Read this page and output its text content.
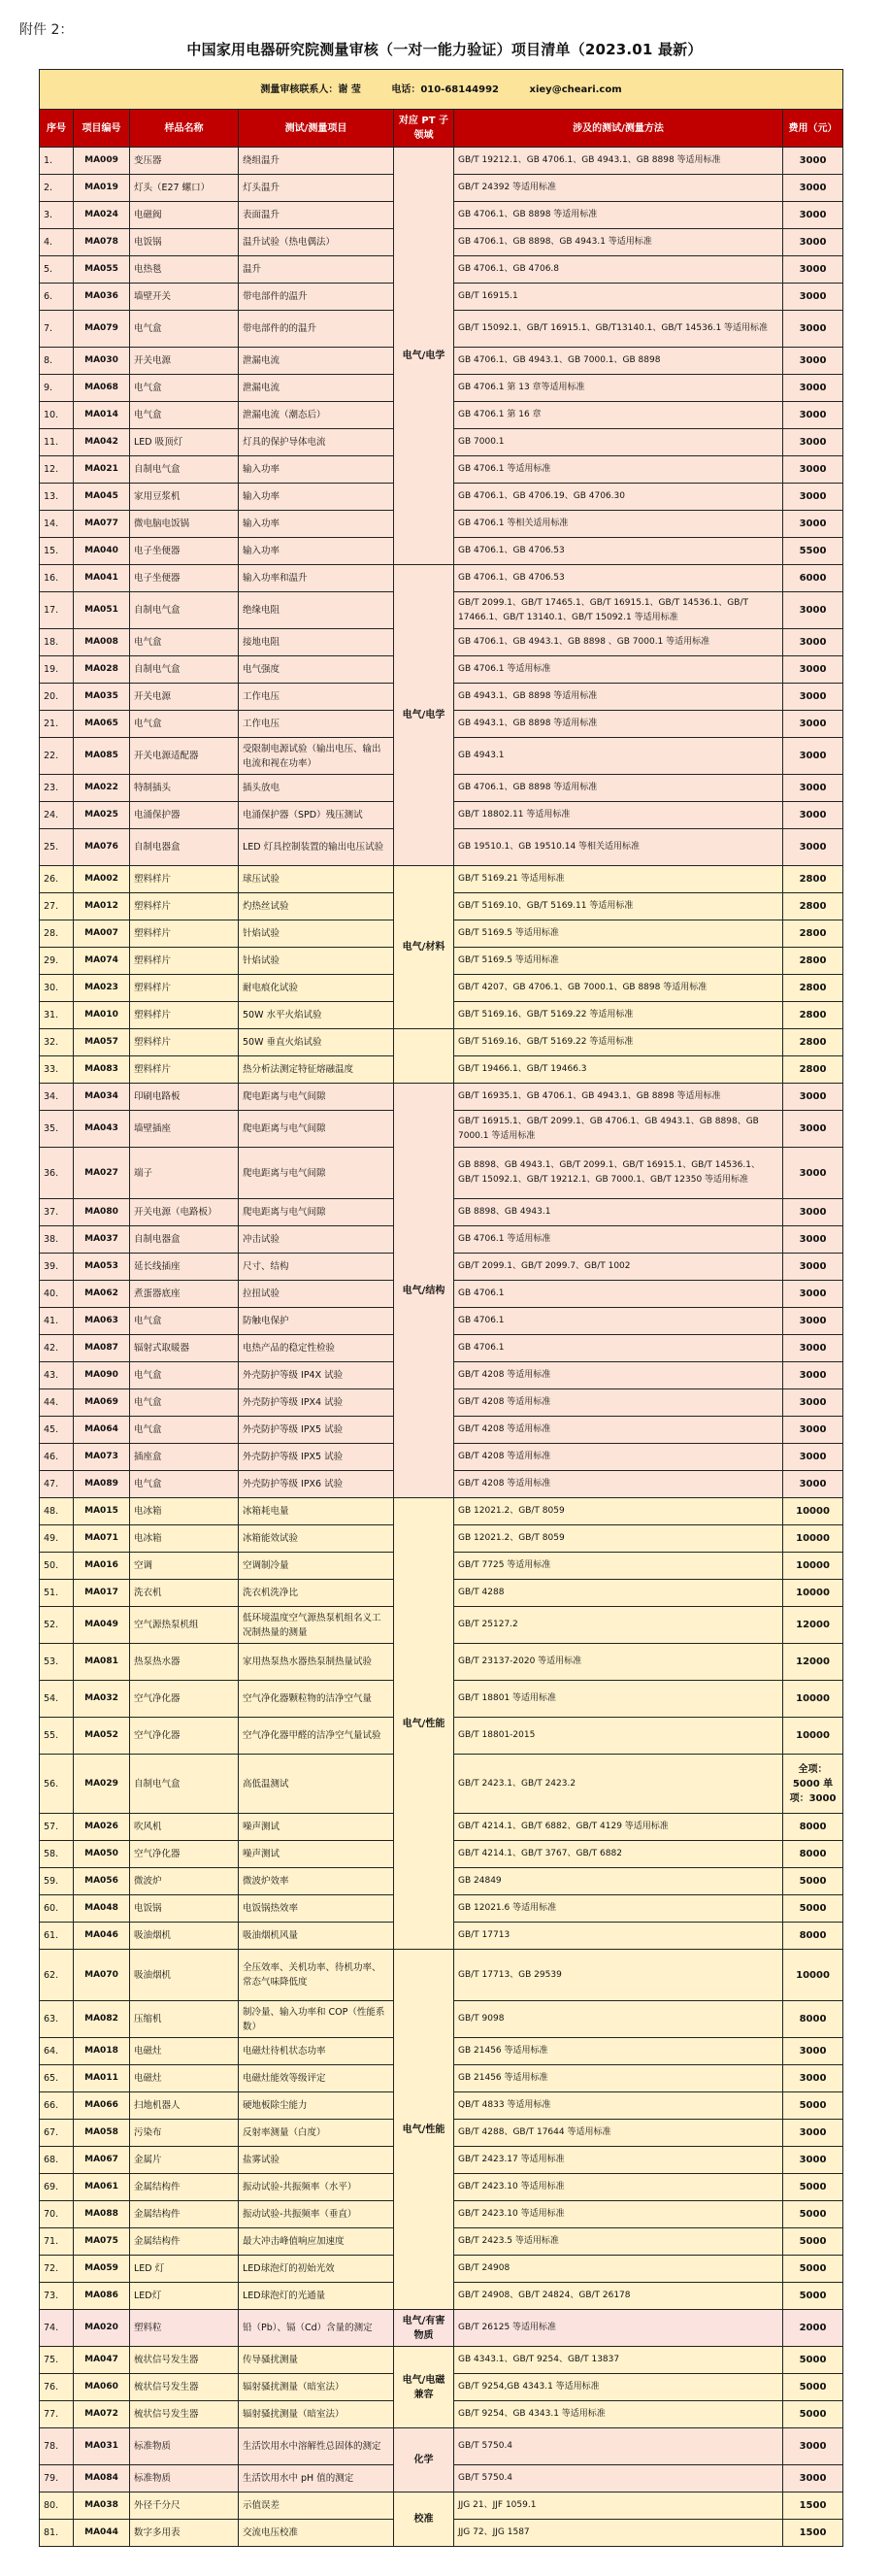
附件 2：
中国家用电器研究院测量审核（一对一能力验证）项目清单（2023.01 最新）
测量审核联系人：谢 莹 电话：010-68144992 xiey@cheari.com						
序号	项目编号	样品名称	测试/测量项目	对应 PT 子领域	涉及的测试/测量方法	费用（元）
1.	MA009	变压器	绕组温升	电气/电学	GB/T 19212.1、GB 4706.1、GB 4943.1、GB 8898 等适用标准	3000
2.	MA019	灯头（E27 螺口）	灯头温升		GB/T 24392 等适用标准	3000
3.	MA024	电磁阀	表面温升		GB 4706.1、GB 8898 等适用标准	3000
4.	MA078	电饭锅	温升试验（热电偶法）		GB 4706.1、GB 8898、GB 4943.1 等适用标准	3000
5.	MA055	电热毯	温升		GB 4706.1、GB 4706.8	3000
6.	MA036	墙壁开关	带电部件的温升		GB/T 16915.1	3000
7.	MA079	电气盒	带电部件的的温升		GB/T 15092.1、GB/T 16915.1、GB/T13140.1、GB/T 14536.1 等适用标准	3000
8.	MA030	开关电源	泄漏电流		GB 4706.1、GB 4943.1、GB 7000.1、GB 8898	3000
9.	MA068	电气盒	泄漏电流		GB 4706.1 第 13 章等适用标准	3000
10.	MA014	电气盒	泄漏电流（潮态后）		GB 4706.1 第 16 章	3000
11.	MA042	LED 吸顶灯	灯具的保护导体电流		GB 7000.1	3000
12.	MA021	自制电气盒	输入功率		GB 4706.1 等适用标准	3000
13.	MA045	家用豆浆机	输入功率		GB 4706.1、GB 4706.19、GB 4706.30	3000
14.	MA077	微电脑电饭锅	输入功率		GB 4706.1 等相关适用标准	3000
15.	MA040	电子坐便器	输入功率		GB 4706.1、GB 4706.53	5500
16.	MA041	电子坐便器	输入功率和温升	电气/电学	GB 4706.1、GB 4706.53	6000
17.	MA051	自制电气盒	绝缘电阻		GB/T 2099.1、GB/T 17465.1、GB/T 16915.1、GB/T 14536.1、GB/T 17466.1、GB/T 13140.1、GB/T 15092.1 等适用标准	3000
18.	MA008	电气盒	接地电阻		GB 4706.1、GB 4943.1、GB 8898 、GB 7000.1 等适用标准	3000
19.	MA028	自制电气盒	电气强度		GB 4706.1 等适用标准	3000
20.	MA035	开关电源	工作电压		GB 4943.1、GB 8898 等适用标准	3000
21.	MA065	电气盒	工作电压		GB 4943.1、GB 8898 等适用标准	3000
22.	MA085	开关电源适配器	受限制电源试验（输出电压、输出电流和视在功率）		GB 4943.1	3000
23.	MA022	特制插头	插头放电		GB 4706.1、GB 8898 等适用标准	3000
24.	MA025	电涌保护器	电涌保护器（SPD）残压测试		GB/T 18802.11 等适用标准	3000
25.	MA076	自制电器盒	LED 灯具控制装置的输出电压试验		GB 19510.1、GB 19510.14 等相关适用标准	3000
26.	MA002	塑料样片	球压试验	电气/材料	GB/T 5169.21 等适用标准	2800
27.	MA012	塑料样片	灼热丝试验		GB/T 5169.10、GB/T 5169.11 等适用标准	2800
28.	MA007	塑料样片	针焰试验		GB/T 5169.5 等适用标准	2800
29.	MA074	塑料样片	针焰试验		GB/T 5169.5 等适用标准	2800
30.	MA023	塑料样片	耐电痕化试验		GB/T 4207、GB 4706.1、GB 7000.1、GB 8898 等适用标准	2800
31.	MA010	塑料样片	50W 水平火焰试验		GB/T 5169.16、GB/T 5169.22 等适用标准	2800
32.	MA057	塑料样片	50W 垂直火焰试验		GB/T 5169.16、GB/T 5169.22 等适用标准	2800
33.	MA083	塑料样片	热分析法测定特征熔融温度		GB/T 19466.1、GB/T 19466.3	2800
34.	MA034	印刷电路板	爬电距离与电气间隙	电气/结构	GB/T 16935.1、GB 4706.1、GB 4943.1、GB 8898 等适用标准	3000
35.	MA043	墙壁插座	爬电距离与电气间隙		GB/T 16915.1、GB/T 2099.1、GB 4706.1、GB 4943.1、GB 8898、GB 7000.1 等适用标准	3000
36.	MA027	端子	爬电距离与电气间隙		GB 8898、GB 4943.1、GB/T 2099.1、GB/T 16915.1、GB/T 14536.1、GB/T 15092.1、GB/T 19212.1、GB 7000.1、GB/T 12350 等适用标准	3000
37.	MA080	开关电源（电路板）	爬电距离与电气间隙		GB 8898、GB 4943.1	3000
38.	MA037	自制电器盒	冲击试验		GB 4706.1 等适用标准	3000
39.	MA053	延长线插座	尺寸、结构		GB/T 2099.1、GB/T 2099.7、GB/T 1002	3000
40.	MA062	煮蛋器底座	拉扭试验		GB 4706.1	3000
41.	MA063	电气盒	防触电保护		GB 4706.1	3000
42.	MA087	辐射式取暖器	电热产品的稳定性检验		GB 4706.1	3000
43.	MA090	电气盒	外壳防护等级 IP4X 试验		GB/T 4208 等适用标准	3000
44.	MA069	电气盒	外壳防护等级 IPX4 试验		GB/T 4208 等适用标准	3000
45.	MA064	电气盒	外壳防护等级 IPX5 试验		GB/T 4208 等适用标准	3000
46.	MA073	插座盒	外壳防护等级 IPX5 试验		GB/T 4208 等适用标准	3000
47.	MA089	电气盒	外壳防护等级 IPX6 试验		GB/T 4208 等适用标准	3000
48.	MA015	电冰箱	冰箱耗电量	电气/性能	GB 12021.2、GB/T 8059	10000
49.	MA071	电冰箱	冰箱能效试验		GB 12021.2、GB/T 8059	10000
50.	MA016	空调	空调制冷量		GB/T 7725 等适用标准	10000
51.	MA017	洗衣机	洗衣机洗净比		GB/T 4288	10000
52.	MA049	空气源热泵机组	低环境温度空气源热泵机组名义工况制热量的测量		GB/T 25127.2	12000
53.	MA081	热泵热水器	家用热泵热水器热泵制热量试验		GB/T 23137-2020 等适用标准	12000
54.	MA032	空气净化器	空气净化器颗粒物的洁净空气量		GB/T 18801 等适用标准	10000
55.	MA052	空气净化器	空气净化器甲醛的洁净空气量试验		GB/T 18801-2015	10000
56.	MA029	自制电气盒	高低温测试		GB/T 2423.1、GB/T 2423.2	全项：5000 单项：3000
57.	MA026	吹风机	噪声测试		GB/T 4214.1、GB/T 6882、GB/T 4129 等适用标准	8000
58.	MA050	空气净化器	噪声测试		GB/T 4214.1、GB/T 3767、GB/T 6882	8000
59.	MA056	微波炉	微波炉效率		GB 24849	5000
60.	MA048	电饭锅	电饭锅热效率		GB 12021.6 等适用标准	5000
61.	MA046	吸油烟机	吸油烟机风量		GB/T 17713	8000
62.	MA070	吸油烟机	全压效率、关机功率、待机功率、常态气味降低度	电气/性能	GB/T 17713、GB 29539	10000
63.	MA082	压缩机	制冷量、输入功率和 COP（性能系数）		GB/T 9098	8000
64.	MA018	电磁灶	电磁灶待机状态功率		GB 21456 等适用标准	3000
65.	MA011	电磁灶	电磁灶能效等级评定		GB 21456 等适用标准	3000
66.	MA066	扫地机器人	硬地板除尘能力		QB/T 4833 等适用标准	5000
67.	MA058	污染布	反射率测量（白度）		GB/T 4288、GB/T 17644 等适用标准	3000
68.	MA067	金属片	盐雾试验		GB/T 2423.17 等适用标准	3000
69.	MA061	金属结构件	振动试验-共振频率（水平）		GB/T 2423.10 等适用标准	5000
70.	MA088	金属结构件	振动试验-共振频率（垂直）		GB/T 2423.10 等适用标准	5000
71.	MA075	金属结构件	最大冲击峰值响应加速度		GB/T 2423.5 等适用标准	5000
72.	MA059	LED 灯	LED球泡灯的初始光效		GB/T 24908	5000
73.	MA086	LED灯	LED球泡灯的光通量		GB/T 24908、GB/T 24824、GB/T 26178	5000
74.	MA020	塑料粒	铅（Pb）、镉（Cd）含量的测定	电气/有害物质	GB/T 26125 等适用标准	2000
75.	MA047	梳状信号发生器	传导骚扰测量	电气/电磁兼容	GB 4343.1、GB/T 9254、GB/T 13837	5000
76.	MA060	梳状信号发生器	辐射骚扰测量（暗室法）		GB/T 9254,GB 4343.1 等适用标准	5000
77.	MA072	梳状信号发生器	辐射骚扰测量（暗室法）		GB/T 9254、GB 4343.1 等适用标准	5000
78.	MA031	标准物质	生活饮用水中溶解性总固体的测定	化学	GB/T 5750.4	3000
79.	MA084	标准物质	生活饮用水中 pH 值的测定		GB/T 5750.4	3000
80.	MA038	外径千分尺	示值误差	校准	JJG 21、JJF 1059.1	1500
81.	MA044	数字多用表	交流电压校准		JJG 72、JJG 1587	1500
